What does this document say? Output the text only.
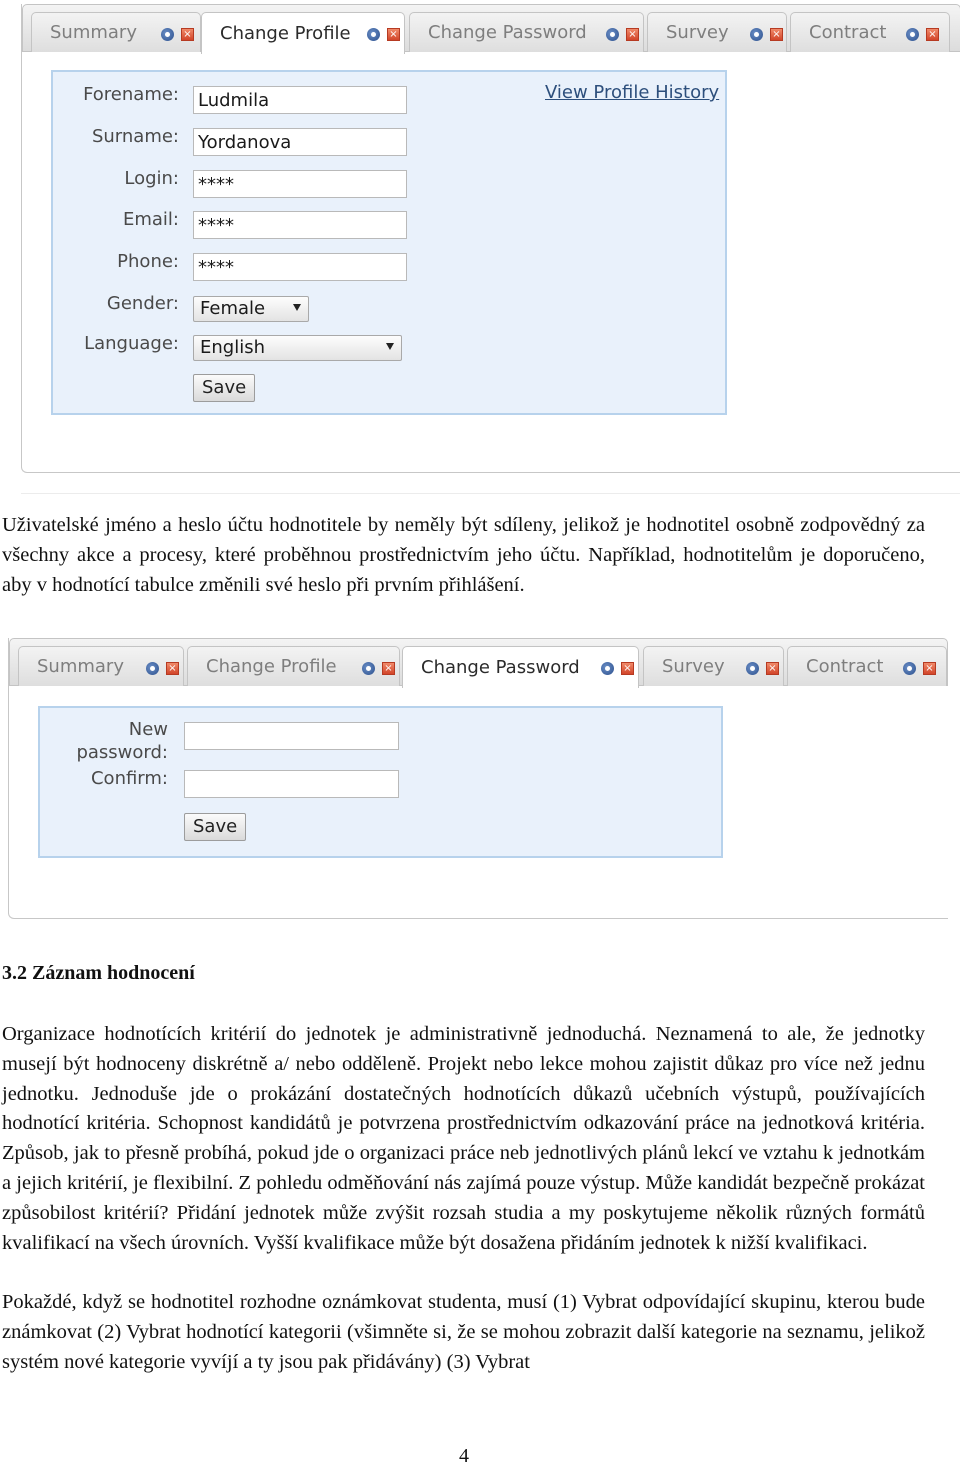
Summary	× Change Profile	× Change Password	× Survey	× Contract	×
View Profile History
Forename: Ludmila
Surname: Yordanova
Login: ****
Email: ****
Phone: ****
Gender:	Female
Language:	English
Save

Uživatelské jméno a heslo účtu hodnotitele by neměly být sdíleny, jelikož je hodnotitel osobně zodpovědný za všechny akce a procesy, které proběhnou prostřednictvím jeho účtu. Například, hodnotitelům je doporučeno, aby v hodnotící tabulce změnili své heslo při prvním přihlášení.

Summary	× Change Profile	× Change Password	× Survey	× Contract	×
New
password:
Confirm:
Save
3.2 Záznam hodnocení

Organizace hodnotících kritérií do jednotek je administrativně jednoduchá. Neznamená to ale, že jednotky musejí být hodnoceny diskrétně a/ nebo odděleně. Projekt nebo lekce mohou zajistit důkaz pro více než jednu jednotku. Jednoduše jde o prokázání dostatečných hodnotících důkazů učebních výstupů, používajících hodnotící kritéria. Schopnost kandidátů je potvrzena prostřednictvím odkazování práce na jednotková kritéria. Způsob, jak to přesně probíhá, pokud jde o organizaci práce neb jednotlivých plánů lekcí ve vztahu k jednotkám a jejich kritérií, je flexibilní. Z pohledu odměňování nás zajímá pouze výstup. Může kandidát bezpečně prokázat způsobilost kritérií? Přidání jednotek může zvýšit rozsah studia a my poskytujeme několik různých formátů kvalifikací na všech úrovních. Vyšší kvalifikace může být dosažena přidáním jednotek k nižší kvalifikaci.

Pokaždé, když se hodnotitel rozhodne oznámkovat studenta, musí (1) Vybrat odpovídající skupinu, kterou bude známkovat (2) Vybrat hodnotící kategorii (všimněte si, že se mohou zobrazit další kategorie na seznamu, jelikož systém nové kategorie vyvíjí a ty jsou pak přidávány) (3) Vybrat

4
